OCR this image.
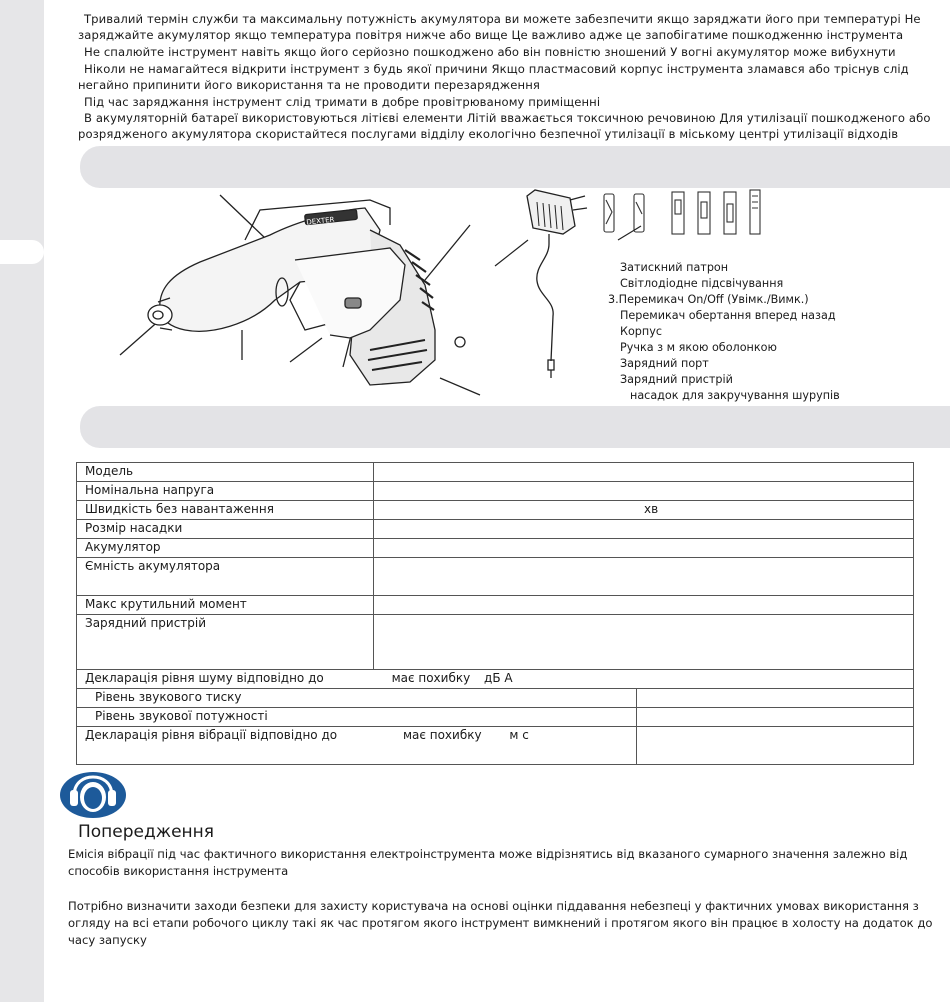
Тривалий термін служби та максимальну потужність акумулятора ви можете забезпечити якщо заряджати його при температурі Не заряджайте акумулятор якщо температура повітря нижче або вище Це важливо адже це запобігатиме пошкодженню інструмента
Не спалюйте інструмент навіть якщо його серйозно пошкоджено або він повністю зношений У вогні акумулятор може вибухнути
Ніколи не намагайтеся відкрити інструмент з будь якої причини Якщо пластмасовий корпус інструмента зламався або тріснув слід негайно припинити його використання та не проводити перезарядження
Під час заряджання інструмент слід тримати в добре провітрюваному приміщенні
В акумуляторній батареї використовуються літієві елементи Літій вважається токсичною речовиною Для утилізації пошкодженого або розрядженого акумулятора скористайтеся послугами відділу екологічно безпечної утилізації в міському центрі утилізації відходів
DEXTER
Затискний патрон
Світлодіодне підсвічування
3.Перемикач On/Off (Увімк./Вимк.)
Перемикач обертання вперед назад
Корпус
Ручка з м якою оболонкою
Зарядний порт
Зарядний пристрій
насадок для закручування шурупів
Модель		
Номінальна напруга		
Швидкість без навантаження	хв	
Розмір насадки		
Акумулятор		
Ємність акумулятора		
Макс крутильний момент		
Зарядний пристрій		
Декларація рівня шуму відповідно до має похибку дБ А		
Рівень звукового тиску		
Рівень звукової потужності		
Декларація рівня вібрації відповідно до має похибку м с		
Попередження
Емісія вібрації під час фактичного використання електроінструмента може відрізнятись від вказаного сумарного значення залежно від способів використання інструмента
Потрібно визначити заходи безпеки для захисту користувача на основі оцінки піддавання небезпеці у фактичних умовах використання з огляду на всі етапи робочого циклу такі як час протягом якого інструмент вимкнений і протягом якого він працює в холосту на додаток до часу запуску
